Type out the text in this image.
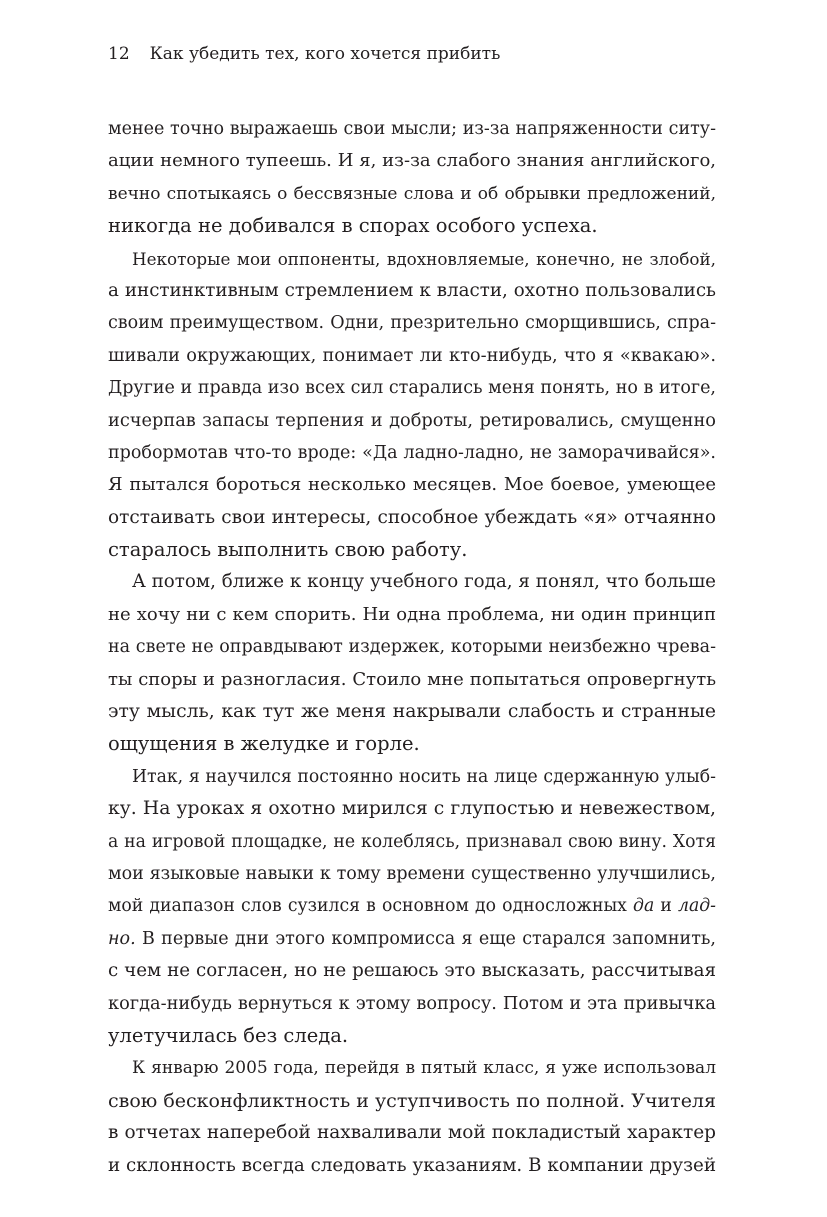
12 Как убедить тех, кого хочется прибить
менее точно выражаешь свои мысли; из-за напряженности ситу-
ации немного тупеешь. И я, из-за слабого знания английского,
вечно спотыкаясь о бессвязные слова и об обрывки предложений,
никогда не добивался в спорах особого успеха.
Некоторые мои оппоненты, вдохновляемые, конечно, не злобой,
а инстинктивным стремлением к власти, охотно пользовались
своим преимуществом. Одни, презрительно сморщившись, спра-
шивали окружающих, понимает ли кто-нибудь, что я «квакаю».
Другие и правда изо всех сил старались меня понять, но в итоге,
исчерпав запасы терпения и доброты, ретировались, смущенно
пробормотав что-то вроде: «Да ладно-ладно, не заморачивайся».
Я пытался бороться несколько месяцев. Мое боевое, умеющее
отстаивать свои интересы, способное убеждать «я» отчаянно
старалось выполнить свою работу.
А потом, ближе к концу учебного года, я понял, что больше
не хочу ни с кем спорить. Ни одна проблема, ни один принцип
на свете не оправдывают издержек, которыми неизбежно чрева-
ты споры и разногласия. Стоило мне попытаться опровергнуть
эту мысль, как тут же меня накрывали слабость и странные
ощущения в желудке и горле.
Итак, я научился постоянно носить на лице сдержанную улыб-
ку. На уроках я охотно мирился с глупостью и невежеством,
а на игровой площадке, не колеблясь, признавал свою вину. Хотя
мои языковые навыки к тому времени существенно улучшились,
мой диапазон слов сузился в основном до односложных да и лад-
но. В первые дни этого компромисса я еще старался запомнить,
с чем не согласен, но не решаюсь это высказать, рассчитывая
когда-нибудь вернуться к этому вопросу. Потом и эта привычка
улетучилась без следа.
К январю 2005 года, перейдя в пятый класс, я уже использовал
свою бесконфликтность и уступчивость по полной. Учителя
в отчетах наперебой нахваливали мой покладистый характер
и склонность всегда следовать указаниям. В компании друзей
